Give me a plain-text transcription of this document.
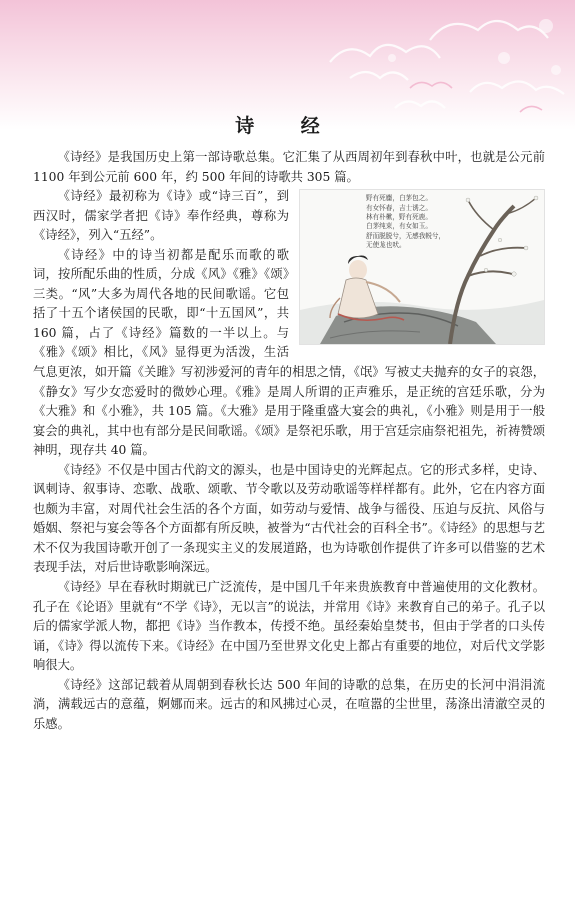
诗 经

《诗经》是我国历史上第一部诗歌总集。它汇集了从西周初年到春秋中叶，也就是公元前 1100 年到公元前 600 年，约 500 年间的诗歌共 305 篇。

野有死麕，白茅包之。
有女怀春，吉士诱之。
林有朴樕，野有死鹿。
白茅纯束，有女如玉。
舒而脱脱兮，无感我帨兮，
无使尨也吠。

《诗经》最初称为《诗》或“诗三百”，到西汉时，儒家学者把《诗》奉作经典，尊称为《诗经》，列入“五经”。

《诗经》中的诗当初都是配乐而歌的歌词，按所配乐曲的性质，分成《风》《雅》《颂》三类。“风”大多为周代各地的民间歌谣。它包括了十五个诸侯国的民歌，即“十五国风”，共 160 篇，占了《诗经》篇数的一半以上。与《雅》《颂》相比，《风》显得更为活泼，生活气息更浓，如开篇《关雎》写初涉爱河的青年的相思之情，《氓》写被丈夫抛弃的女子的哀怨，《静女》写少女恋爱时的微妙心理。《雅》是周人所谓的正声雅乐，是正统的宫廷乐歌，分为《大雅》和《小雅》，共 105 篇。《大雅》是用于隆重盛大宴会的典礼，《小雅》则是用于一般宴会的典礼，其中也有部分是民间歌谣。《颂》是祭祀乐歌，用于宫廷宗庙祭祀祖先，祈祷赞颂神明，现存共 40 篇。

《诗经》不仅是中国古代韵文的源头，也是中国诗史的光辉起点。它的形式多样，史诗、讽刺诗、叙事诗、恋歌、战歌、颂歌、节令歌以及劳动歌谣等样样都有。此外，它在内容方面也颇为丰富，对周代社会生活的各个方面，如劳动与爱情、战争与徭役、压迫与反抗、风俗与婚姻、祭祀与宴会等各个方面都有所反映，被誉为“古代社会的百科全书”。《诗经》的思想与艺术不仅为我国诗歌开创了一条现实主义的发展道路，也为诗歌创作提供了许多可以借鉴的艺术表现手法，对后世诗歌影响深远。

《诗经》早在春秋时期就已广泛流传，是中国几千年来贵族教育中普遍使用的文化教材。孔子在《论语》里就有“不学《诗》，无以言”的说法，并常用《诗》来教育自己的弟子。孔子以后的儒家学派人物，都把《诗》当作教本，传授不绝。虽经秦始皇焚书，但由于学者的口头传诵，《诗》得以流传下来。《诗经》在中国乃至世界文化史上都占有重要的地位，对后代文学影响很大。

《诗经》这部记载着从周朝到春秋长达 500 年间的诗歌的总集，在历史的长河中涓涓流淌，满载远古的意蕴，婀娜而来。远古的和风拂过心灵，在喧嚣的尘世里，荡涤出清澈空灵的乐感。
